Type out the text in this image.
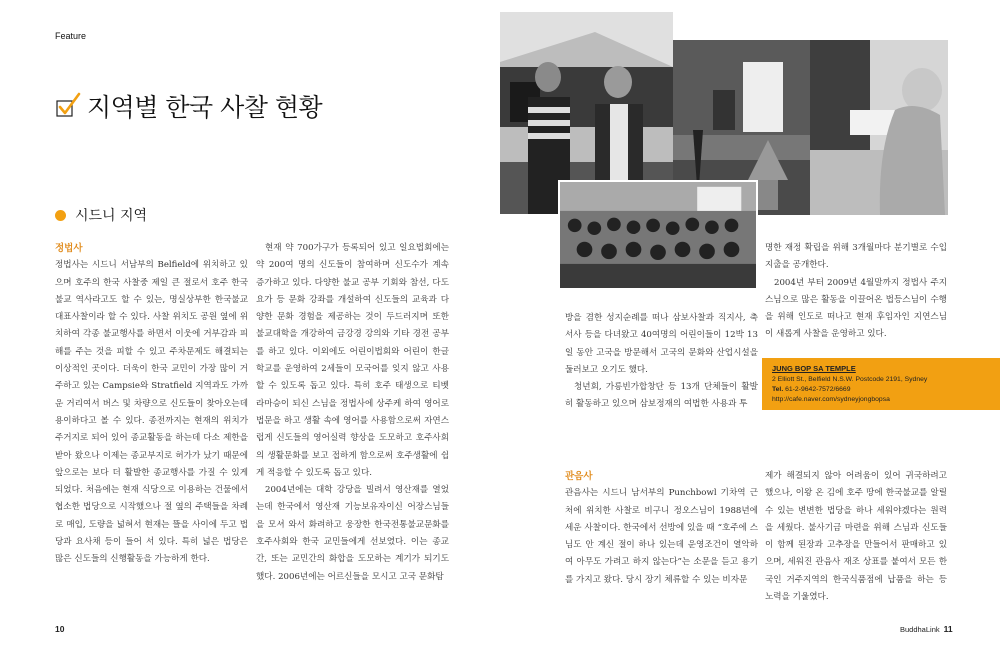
Feature
지역별 한국 사찰 현황
시드니 지역
정법사

정법사는 시드니 서남부의 Belfield에 위치하고 있으며 호주의 한국 사찰중 제일 큰 절로서 호주 한국불교 역사라고도 할 수 있는, 명실상부한 한국불교 대표사찰이라 할 수 있다. 사찰 위치도 공원 옆에 위치하여 각종 불교행사를 하면서 이웃에 거부감과 피해를 주는 것을 피할 수 있고 주차문제도 해결되는 이상적인 곳이다. 더욱이 한국 교민이 가장 많이 거주하고 있는 Campsie와 Stratfield 지역과도 가까운 거리여서 버스 및 차량으로 신도들이 찾아오는데 용이하다고 볼 수 있다. 종전까지는 현재의 위치가 주거지로 되어 있어 종교활동을 하는데 다소 제한을 받아 왔으나 이제는 종교부지로 허가가 났기 때문에 앞으로는 보다 더 활발한 종교행사를 가질 수 있게 되었다. 처음에는 현재 식당으로 이용하는 건물에서 협소한 법당으로 시작했으나 절 옆의 주택들을 차례로 매입, 도량을 넓혀서 현재는 뜰을 사이에 두고 법당과 요사채 등이 들어 서 있다. 특히 넓은 법당은 많은 신도들의 신행활동을 가능하게 한다.

현재 약 700가구가 등록되어 있고 일요법회에는 약 200여 명의 신도들이 참여하며 신도수가 계속 증가하고 있다. 다양한 불교 공부 기회와 참선, 다도 요가 등 문화 강좌를 개설하여 신도들의 교육과 다양한 문화 경험을 제공하는 것이 두드러지며 또한 불교대학을 개강하여 금강경 강의와 기타 경전 공부를 하고 있다. 이외에도 어린이법회와 어린이 한글학교를 운영하여 2세들이 모국어를 잊지 않고 사용할 수 있도록 돕고 있다. 특히 호주 태생으로 티벳 라마승이 되신 스님을 정법사에 상주케 하여 영어로 법문을 하고 생활 속에 영어를 사용함으로써 자연스럽게 신도들의 영어실력 향상을 도모하고 호주사회의 생활문화를 보고 접하게 함으로써 호주생활에 쉽게 적응할 수 있도록 돕고 있다.

2004년에는 대학 강당을 빌려서 영산재를 열었는데 한국에서 영산재 기능보유자이신 어장스님들을 모셔 와서 화려하고 웅장한 한국전통불교문화를 호주사회와 한국 교민들에게 선보였다. 이는 종교간, 또는 교민간의 화합을 도모하는 계기가 되기도 했다. 2006년에는 어르신들을 모시고 고국 문화탐

방을 겸한 성지순례를 떠나 삼보사찰과 직지사, 축서사 등을 다녀왔고 40여명의 어린이들이 12박 13일 동안 고국을 방문해서 고국의 문화와 산업시설을 둘러보고 오기도 했다.

청년회, 가릉빈가합창단 등 13개 단체들이 활발히 활동하고 있으며 삼보정재의 여법한 사용과 투

관음사

관음사는 시드니 남서부의 Punchbowl 기차역 근처에 위치한 사찰로 비구니 정오스님이 1988년에 세운 사찰이다. 한국에서 선방에 있을 때 “호주에 스님도 안 계신 절이 하나 있는데 운영조건이 열악하여 아무도 가려고 하지 않는다”는 소문을 듣고 용기를 가지고 왔다. 당시 장기 체류할 수 있는 비자문

명한 재정 확립을 위해 3개월마다 분기별로 수입지출을 공개한다.

2004년 부터 2009년 4월말까지 정법사 주지스님으로 많은 활동을 이끌어온 법등스님이 수행을 위해 인도로 떠나고 현재 후임자인 지연스님이 새롭게 사찰을 운영하고 있다.

JUNG BOP SA TEMPLE
2 Elliott St., Belfield N.S.W. Postcode 2191, Sydney
Tel. 61-2-9642-7572/6669
http://cafe.naver.com/sydneyjongbopsa

제가 해결되지 않아 어려움이 있어 귀국하려고 했으나, 이왕 온 김에 호주 땅에 한국불교를 알릴 수 있는 변변한 법당을 하나 세워야겠다는 원력을 세웠다. 불사기금 마련을 위해 스님과 신도들이 함께 된장과 고추장을 만들어서 판매하고 있으며, 세워진 관음사 재조 상표를 붙여서 모든 한국인 거주지역의 한국식품점에 납품을 하는 등 노력을 기울였다.

10	BuddhaLink 11
